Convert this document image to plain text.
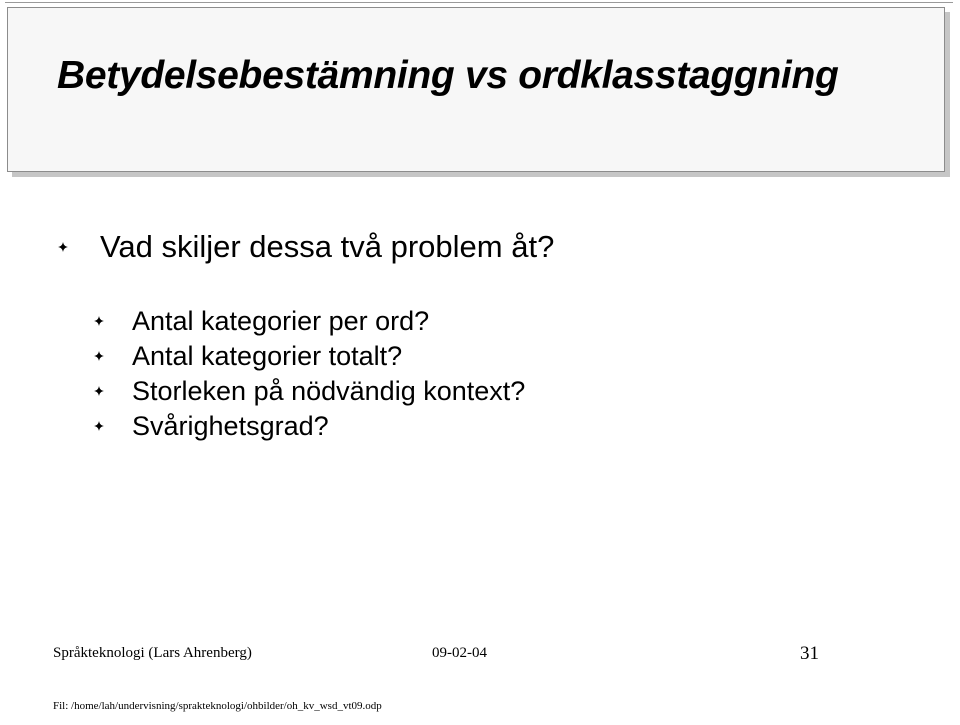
Betydelsebestämning vs ordklasstaggning
Vad skiljer dessa två problem åt?
Antal kategorier per ord?
Antal kategorier totalt?
Storleken på nödvändig kontext?
Svårighetsgrad?
Språkteknologi (Lars Ahrenberg)	09-02-04	31
Fil: /home/lah/undervisning/sprakteknologi/ohbilder/oh_kv_wsd_vt09.odp
